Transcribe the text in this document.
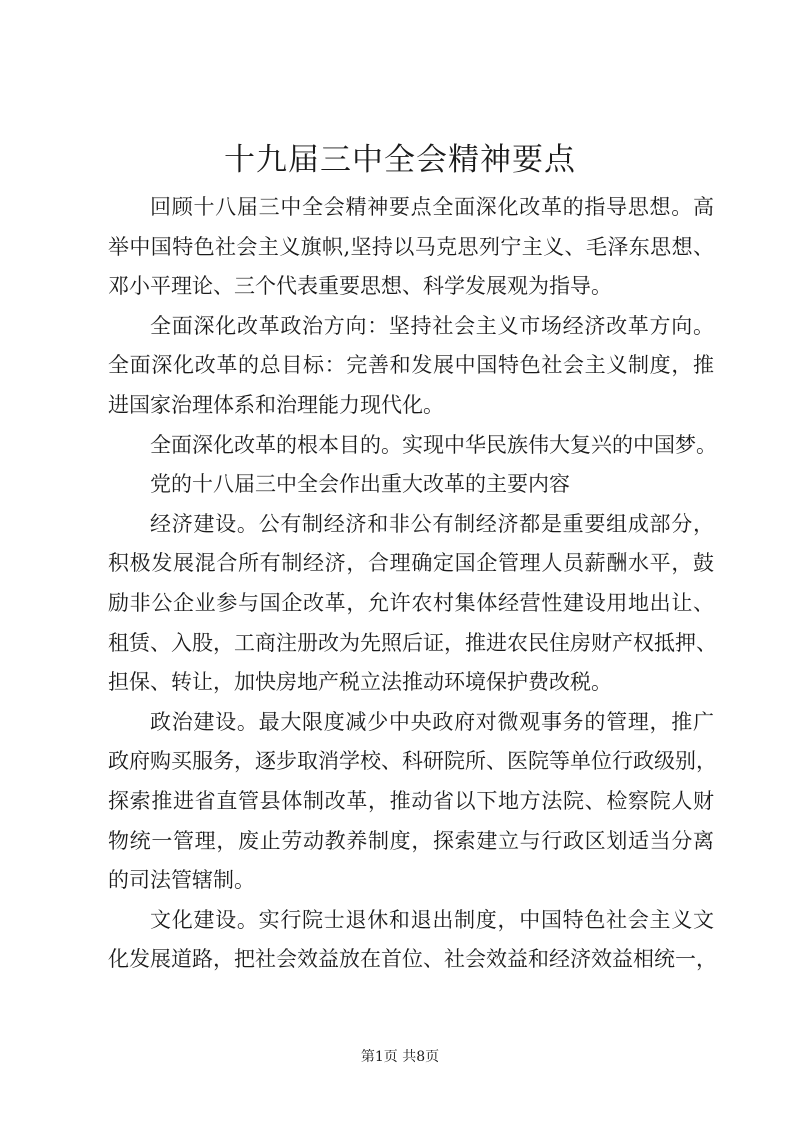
十九届三中全会精神要点
回顾十八届三中全会精神要点全面深化改革的指导思想。高
举中国特色社会主义旗帜,坚持以马克思列宁主义、毛泽东思想、
邓小平理论、三个代表重要思想、科学发展观为指导。
全面深化改革政治方向：坚持社会主义市场经济改革方向。
全面深化改革的总目标：完善和发展中国特色社会主义制度，推
进国家治理体系和治理能力现代化。
全面深化改革的根本目的。实现中华民族伟大复兴的中国梦。
党的十八届三中全会作出重大改革的主要内容
经济建设。公有制经济和非公有制经济都是重要组成部分，
积极发展混合所有制经济，合理确定国企管理人员薪酬水平，鼓
励非公企业参与国企改革，允许农村集体经营性建设用地出让、
租赁、入股，工商注册改为先照后证，推进农民住房财产权抵押、
担保、转让，加快房地产税立法推动环境保护费改税。
政治建设。最大限度减少中央政府对微观事务的管理，推广
政府购买服务，逐步取消学校、科研院所、医院等单位行政级别，
探索推进省直管县体制改革，推动省以下地方法院、检察院人财
物统一管理，废止劳动教养制度，探索建立与行政区划适当分离
的司法管辖制。
文化建设。实行院士退休和退出制度，中国特色社会主义文
化发展道路，把社会效益放在首位、社会效益和经济效益相统一，
第1页 共8页
